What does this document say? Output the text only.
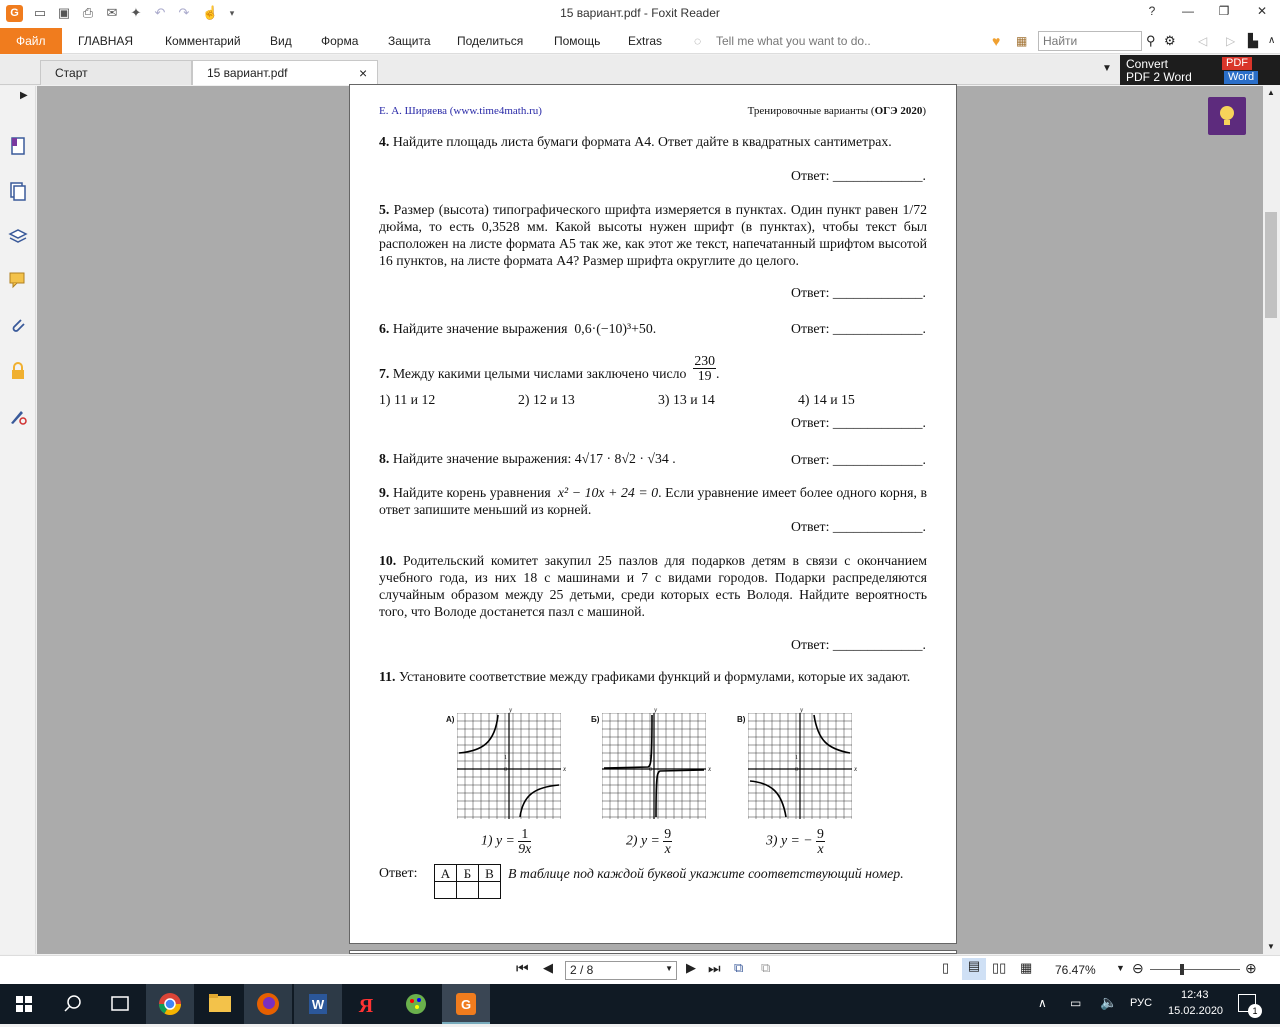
G	▭ ▣ ⎙ ✉ ✦ ↶ ↷ ☝	▾	15 вариант.pdf - Foxit Reader	?	—	❐	✕
Файл	ГЛАВНАЯ	Комментарий Вид Форма Защита Поделиться	Помощь Extras	◌ Tell me what you want to do..	♥ ▦	Найти	⚲ ⚙ ◁ ▷ ▙ ∧
Старт	15 вариант.pdf	×	▼ Convert
PDF 2 Word
PDF
Word
▶
Е. А. Ширяева (www.time4math.ru)	Тренировочные варианты (ОГЭ 2020)
4. Найдите площадь листа бумаги формата А4. Ответ дайте в квадратных сантиметрах.
Ответ: _____________.
5. Размер (высота) типографического шрифта измеряется в пунктах. Один пункт равен 1/72 дюйма, то есть 0,3528 мм. Какой высоты нужен шрифт (в пунктах), чтобы текст был расположен на листе формата А5 так же, как этот же текст, напечатанный шрифтом высотой 16 пунктов, на листе формата А4? Размер шрифта округлите до целого.
Ответ: _____________.
6. Найдите значение выражения 0,6·(−10)³+50.	Ответ: _____________.
7. Между какими целыми числами заключено число $\frac{230}{19}$ .
1) 11 и 12	2) 12 и 13	3) 13 и 14	4) 14 и 15
Ответ: _____________.
8. Найдите значение выражения: 4√17 · 8√2 · √34 .	Ответ: _____________.
9. Найдите корень уравнения x² − 10x + 24 = 0. Если уравнение имеет более одного корня, в ответ запишите меньший из корней.
Ответ: _____________.
10. Родительский комитет закупил 25 пазлов для подарков детям в связи с окончанием учебного года, из них 18 с машинами и 7 с видами городов. Подарки распределяются случайным образом между 25 детьми, среди которых есть Володя. Найдите вероятность того, что Володе достанется пазл с машиной.
Ответ: _____________.
11. Установите соответствие между графиками функций и формулами, которые их задают.
А)	Б)	В)
y
x
1
0
y
x
1
0
y
x
1
0
1) $y = \frac{1}{9x}$	2) $y = \frac{9}{x}$	3) y = − $\frac{9}{x}$
Ответ: А	Б	В
		В таблице под каждой буквой укажите соответствующий номер.
▲
▼
⏮ ◀	2 / 8	▼ ▶ ⏭ ⧉ ⧉	▯	▤ ▯▯ ▦ 76.47% ▼ ⊖	⊕
W Я	G	∧ ▭ 🔈 РУС
12:43
15.02.2020	1
